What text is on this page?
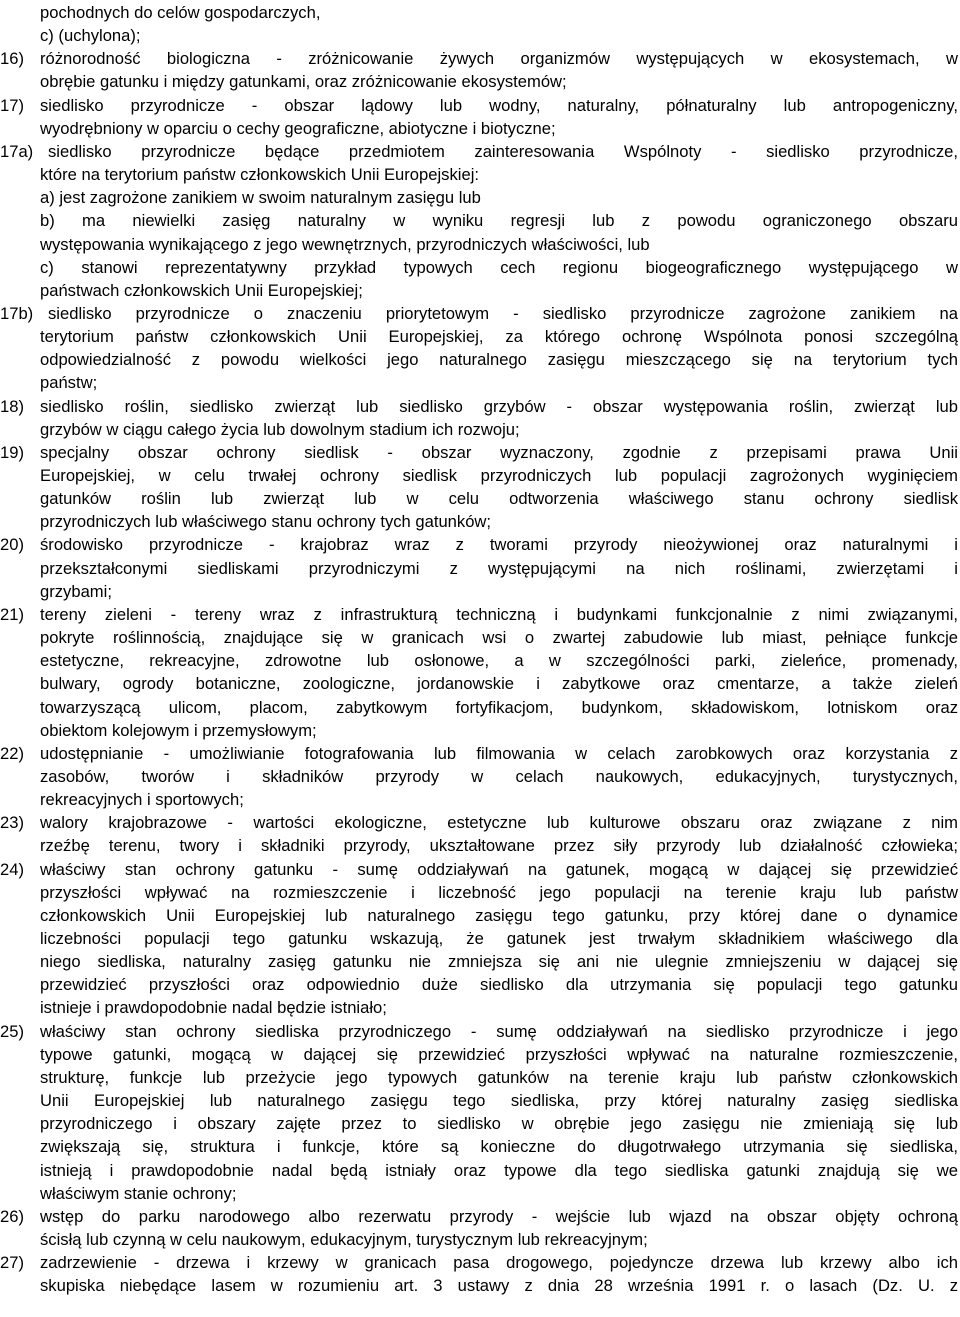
pochodnych do celów gospodarczych,
c) (uchylona);
16) różnorodność biologiczna - zróżnicowanie żywych organizmów występujących w ekosystemach, w
obrębie gatunku i między gatunkami, oraz zróżnicowanie ekosystemów;
17) siedlisko przyrodnicze - obszar lądowy lub wodny, naturalny, półnaturalny lub antropogeniczny,
wyodrębniony w oparciu o cechy geograficzne, abiotyczne i biotyczne;
17a) siedlisko przyrodnicze będące przedmiotem zainteresowania Wspólnoty - siedlisko przyrodnicze,
które na terytorium państw członkowskich Unii Europejskiej:
a) jest zagrożone zanikiem w swoim naturalnym zasięgu lub
b) ma niewielki zasięg naturalny w wyniku regresji lub z powodu ograniczonego obszaru
występowania wynikającego z jego wewnętrznych, przyrodniczych właściwości, lub
c) stanowi reprezentatywny przykład typowych cech regionu biogeograficznego występującego w
państwach członkowskich Unii Europejskiej;
17b) siedlisko przyrodnicze o znaczeniu priorytetowym - siedlisko przyrodnicze zagrożone zanikiem na
terytorium państw członkowskich Unii Europejskiej, za którego ochronę Wspólnota ponosi szczególną
odpowiedzialność z powodu wielkości jego naturalnego zasięgu mieszczącego się na terytorium tych
państw;
18) siedlisko roślin, siedlisko zwierząt lub siedlisko grzybów - obszar występowania roślin, zwierząt lub
grzybów w ciągu całego życia lub dowolnym stadium ich rozwoju;
19) specjalny obszar ochrony siedlisk - obszar wyznaczony, zgodnie z przepisami prawa Unii
Europejskiej, w celu trwałej ochrony siedlisk przyrodniczych lub populacji zagrożonych wyginięciem
gatunków roślin lub zwierząt lub w celu odtworzenia właściwego stanu ochrony siedlisk
przyrodniczych lub właściwego stanu ochrony tych gatunków;
20) środowisko przyrodnicze - krajobraz wraz z tworami przyrody nieożywionej oraz naturalnymi i
przekształconymi siedliskami przyrodniczymi z występującymi na nich roślinami, zwierzętami i
grzybami;
21) tereny zieleni - tereny wraz z infrastrukturą techniczną i budynkami funkcjonalnie z nimi związanymi,
pokryte roślinnością, znajdujące się w granicach wsi o zwartej zabudowie lub miast, pełniące funkcje
estetyczne, rekreacyjne, zdrowotne lub osłonowe, a w szczególności parki, zieleńce, promenady,
bulwary, ogrody botaniczne, zoologiczne, jordanowskie i zabytkowe oraz cmentarze, a także zieleń
towarzyszącą ulicom, placom, zabytkowym fortyfikacjom, budynkom, składowiskom, lotniskom oraz
obiektom kolejowym i przemysłowym;
22) udostępnianie - umożliwianie fotografowania lub filmowania w celach zarobkowych oraz korzystania z
zasobów, tworów i składników przyrody w celach naukowych, edukacyjnych, turystycznych,
rekreacyjnych i sportowych;
23) walory krajobrazowe - wartości ekologiczne, estetyczne lub kulturowe obszaru oraz związane z nim
rzeźbę terenu, twory i składniki przyrody, ukształtowane przez siły przyrody lub działalność człowieka;
24) właściwy stan ochrony gatunku - sumę oddziaływań na gatunek, mogącą w dającej się przewidzieć
przyszłości wpływać na rozmieszczenie i liczebność jego populacji na terenie kraju lub państw
członkowskich Unii Europejskiej lub naturalnego zasięgu tego gatunku, przy której dane o dynamice
liczebności populacji tego gatunku wskazują, że gatunek jest trwałym składnikiem właściwego dla
niego siedliska, naturalny zasięg gatunku nie zmniejsza się ani nie ulegnie zmniejszeniu w dającej się
przewidzieć przyszłości oraz odpowiednio duże siedlisko dla utrzymania się populacji tego gatunku
istnieje i prawdopodobnie nadal będzie istniało;
25) właściwy stan ochrony siedliska przyrodniczego - sumę oddziaływań na siedlisko przyrodnicze i jego
typowe gatunki, mogącą w dającej się przewidzieć przyszłości wpływać na naturalne rozmieszczenie,
strukturę, funkcje lub przeżycie jego typowych gatunków na terenie kraju lub państw członkowskich
Unii Europejskiej lub naturalnego zasięgu tego siedliska, przy której naturalny zasięg siedliska
przyrodniczego i obszary zajęte przez to siedlisko w obrębie jego zasięgu nie zmieniają się lub
zwiększają się, struktura i funkcje, które są konieczne do długotrwałego utrzymania się siedliska,
istnieją i prawdopodobnie nadal będą istniały oraz typowe dla tego siedliska gatunki znajdują się we
właściwym stanie ochrony;
26) wstęp do parku narodowego albo rezerwatu przyrody - wejście lub wjazd na obszar objęty ochroną
ścisłą lub czynną w celu naukowym, edukacyjnym, turystycznym lub rekreacyjnym;
27) zadrzewienie - drzewa i krzewy w granicach pasa drogowego, pojedyncze drzewa lub krzewy albo ich
skupiska niebędące lasem w rozumieniu art. 3 ustawy z dnia 28 września 1991 r. o lasach (Dz. U. z
